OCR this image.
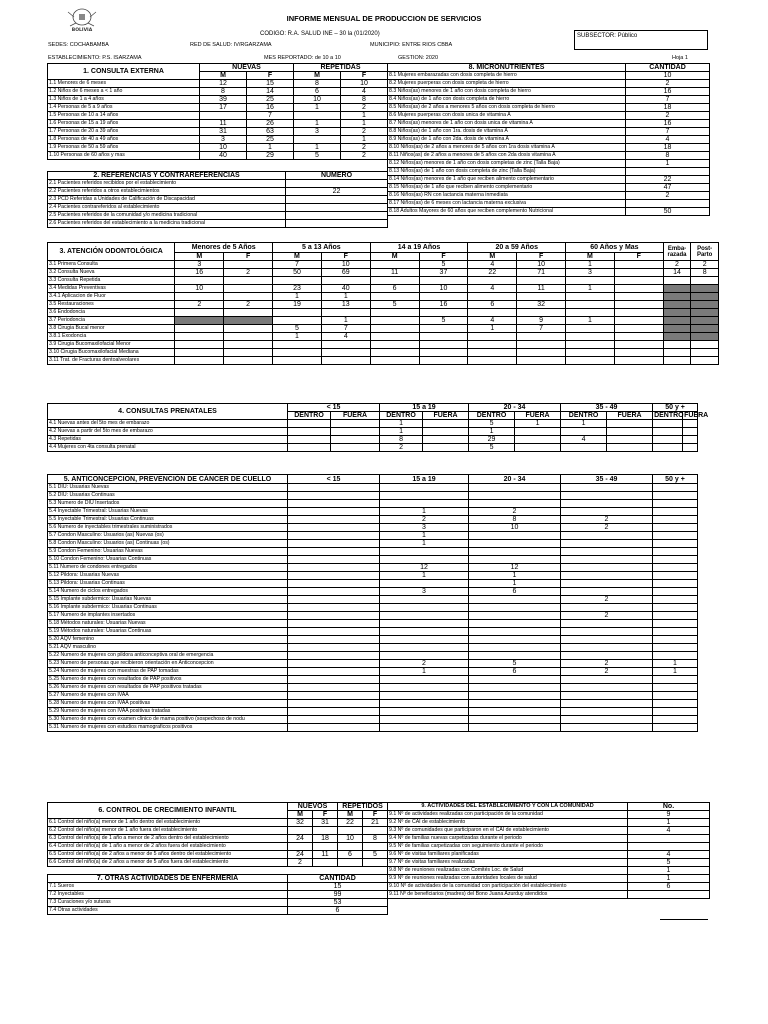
BOLIVIA
INFORME MENSUAL DE PRODUCCION DE SERVICIOS
CODIGO: R.A. SALUD INE – 30 la (01/2020)	SUBSECTOR: Público
SEDES: COCHABAMBA	RED DE SALUD: IV/RGARZAMA	MUNICIPIO: ENTRE RIOS CBBA
ESTABLECIMIENTO: P.S. ISARZAMA	MES REPORTADO: de 10 a 10	GESTION: 2020	Hoja 1
1. CONSULTA EXTERNA	NUEVAS		REPETIDAS	
	M	F	M	F
1.1 Menores de 6 meses	12	15	8	10
1.2 Niños de 6 meses a < 1 año	8	14	6	4
1.3 Niños de 1 a 4 años	39	25	10	8
1.4 Personas de 5 a 9 años	17	16	1	2
1.5 Personas de 10 a 14 años		7		1
1.6 Personas de 15 a 19 años	11	26	1	1
1.7 Personas de 20 a 39 años	31	63	3	2
1.8 Personas de 40 a 49 años	3	25		1
1.9 Personas de 50 a 59 años	10	1	1	2
1.10 Personas de 60 años y mas	40	29	5	2
2. REFERENCIAS Y CONTRAREFERENCIAS	NUMERO
2.1 Pacientes referidos recibidos por el establecimiento	
2.2 Pacientes referidos a otros establecimientos	22
2.3 PCD Referidas a Unidades de Calificación de Discapacidad	
2.4 Pacientes contrareferidos al establecimiento	
2.5 Pacientes referidos de la comunidad y/o medicina tradicional	
2.6 Pacientes referidos del establecimiento a la medicina tradicional	
8. MICRONUTRIENTES	CANTIDAD
8.1 Mujeres embarazadas con dosis completa de hierro	10
8.2 Mujeres puerperas con dosis completa de hierro	2
8.3 Niños(as) menores de 1 año con dosis completa de hierro	16
8.4 Niños(as) de 1 año con dosis completa de hierro	7
8.5 Niños(as) de 2 años a menores 5 años con dosis completa de hierro	18
8.6 Mujeres puerperas con dosis unica de vitamina A	2
8.7 Niños(as) menores de 1 año con dosis unica de vitamina A	16
8.8 Niños(as) de 1 año con 1ra. dosis de vitamina A	7
8.9 Niños(as) de 1 año con 2da. dosis de vitamina A	4
8.10 Niños(as) de 2 años a menores de 5 años con 1ra dosis vitamina A	18
8.11 Niños(as) de 2 años a menores de 5 años con 2da dosis vitamina A	8
8.12 Niños(as) menores de 1 año con dosis completas de zinc (Talla Baja)	1
8.13 Niños(as) de 1 año con dosis completa de zinc (Talla Baja)	
8.14 Niños(as) menores de 1 año que reciben alimento complementario	22
8.15 Niños(as) de 1 año que reciben alimento complementario	47
8.16 Niños(as) RN con lactancia materna inmediata	2
8.17 Niños(as) de 6 meses con lactancia materna exclusiva	
8.18 Adultos Mayores de 60 años que reciben complemento Nutricional	50
3. ATENCIÓN ODONTOLÓGICA	Menores de 5 Años		5 a 13 Años		14 a 19 Años		20 a 59 Años		60 Años y Mas		Emba- razada	Post- Parto
	M	F	M	F	M	F	M	F	M	F		
3.1 Primera Consulta	3		7	10		5	4	10	1		2	2
3.2 Consulta Nueva	16	2	50	69	11	37	22	71	3		14	8
3.3 Consulta Repetida												
3.4 Medidas Preventivas	10		23	40	6	10	4	11	1			
3.4.1 Aplicacion de Fluor			1	1								
3.5 Restauraciones	2	2	19	13	5	16	6	32				
3.6 Endodoncia												
3.7 Periodoncia				1		5	4	9	1			
3.8 Cirugia Bucal menor			5	7			1	7				
3.8.1 Exodoncia			1	4								
3.9 Cirugia Bucomaxilofacial Menor												
3.10 Cirugia Bucomaxilofacial Mediana												
3.11 Trat. de Fracturas dentoalveolares												
4. CONSULTAS PRENATALES	< 15		15 a 19		20 - 34		35 - 49		50 y +	
	DENTRO	FUERA	DENTRO	FUERA	DENTRO	FUERA	DENTRO	FUERA	DENTRO	FUERA
4.1 Nuevas antes del 5to mes de embarazo			1		5	1	1			
4.2 Nuevas a partir del 5to mes de embarazo			1		1					
4.3 Repetidas			8		29		4			
4.4 Mujeres con 4ta consulta prenatal			2		5					
5. ANTICONCEPCION, PREVENCIÓN DE CÁNCER DE CUELLO	< 15	15 a 19	20 - 34	35 - 49	50 y +
5.1 DIU: Usuarias Nuevas					
5.2 DIU: Usuarias Continuas					
5.3 Numero de DIU Insertados					
5.4 Inyectable Trimestral: Usuarias Nuevas		1	2		
5.5 Inyectable Trimestral: Usuarias Continuas		2	8	2	
5.6 Numero de inyectables trimestrales suministrados		3	10	2	
5.7 Condon Masculino: Usuarios (as) Nuevas (os)		1			
5.8 Condon Masculino: Usuarios (as) Continuas (os)		1			
5.9 Condon Femenino: Usuarias Nuevas					
5.10 Condon Femenino: Usuarias Continuas					
5.11 Numero de condones entregados		12	12		
5.12 Pildora: Usuarias Nuevas		1	1		
5.13 Pildora: Usuarias Continuas			1		
5.14 Numero de ciclos entregados		3	6		
5.15 Implante subdermico: Usuarias Nuevas				2	
5.16 Implante subdermico: Usuarias Continuas					
5.17 Numero de implantes insertados				2	
5.18 Métodos naturales: Usuarias Nuevas					
5.19 Métodos naturales: Usuarias Continuas					
5.20 AQV femenino					
5.21 AQV masculino					
5.22 Numero de mujeres con pildora anticonceptiva oral de emergencia					
5.23 Numero de personas que recibieron orientación en Anticoncepcion		2	5	2	1
5.24 Numero de mujeres con muestras de PAP tomadas		1	6	2	1
5.25 Numero de mujeres con resultados de PAP positivos					
5.26 Numero de mujeres con resultados de PAP positivos tratadas					
5.27 Numero de mujeres con IVAA					
5.28 Numero de mujeres con IVAA positivas					
5.29 Numero de mujeres con IVAA positivas tratadas					
5.30 Numero de mujeres con examen clinico de mama positivo (sospechoso de nodu					
5.31 Numero de mujeres con estudios mamograficos positivos					
6. CONTROL DE CRECIMIENTO INFANTIL	NUEVOS		REPETIDOS	
	M	F	M	F
6.1 Control del niño(a) menor de 1 año dentro del establecimiento	32	31	22	21
6.2 Control del niño(a) menor de 1 año fuera del establecimiento				
6.3 Control del niño(a) de 1 año a menor de 2 años dentro del establecimiento	24	18	10	8
6.4 Control del niño(a) de 1 año a menor de 2 años fuera del establecimiento				
6.5 Control del niño(a) de 2 años a menor de 5 años dentro del establecimiento	24	11	6	5
6.6 Control del niño(a) de 2 años a menor de 5 años fuera del establecimiento	2			
7. OTRAS ACTIVIDADES DE ENFERMERIA	CANTIDAD
7.1 Sueros	15
7.2 Inyectables	99
7.3 Curaciones y/o suturas	53
7.4 Otras actividades	6
9. ACTIVIDADES DEL ESTABLECIMIENTO Y CON LA COMUNIDAD	No.
9.1 Nº de actividades realizadas con participación de la comunidad	9
9.2 Nº de CAI de establecimiento	1
9.3 Nº de comunidades que participaron en el CAI de establecimiento	4
9.4 Nº de familias nuevas carpetizadas durante el periodo	
9.5 Nº de familias carpetizadas con seguimiento durante el periodo	
9.6 Nº de visitas familiares planificadas	4
9.7 Nº de visitas familiares realizadas	5
9.8 Nº de reuniones realizadas con Comités Loc. de Salud	1
9.9 Nº de reuniones realizadas con autoridades locales de salud	1
9.10 Nº de actividades de la comunidad con participación del establecimiento	6
9.11 Nº de beneficiarios (madres) del Bono Juana Azurduy atendidos	
